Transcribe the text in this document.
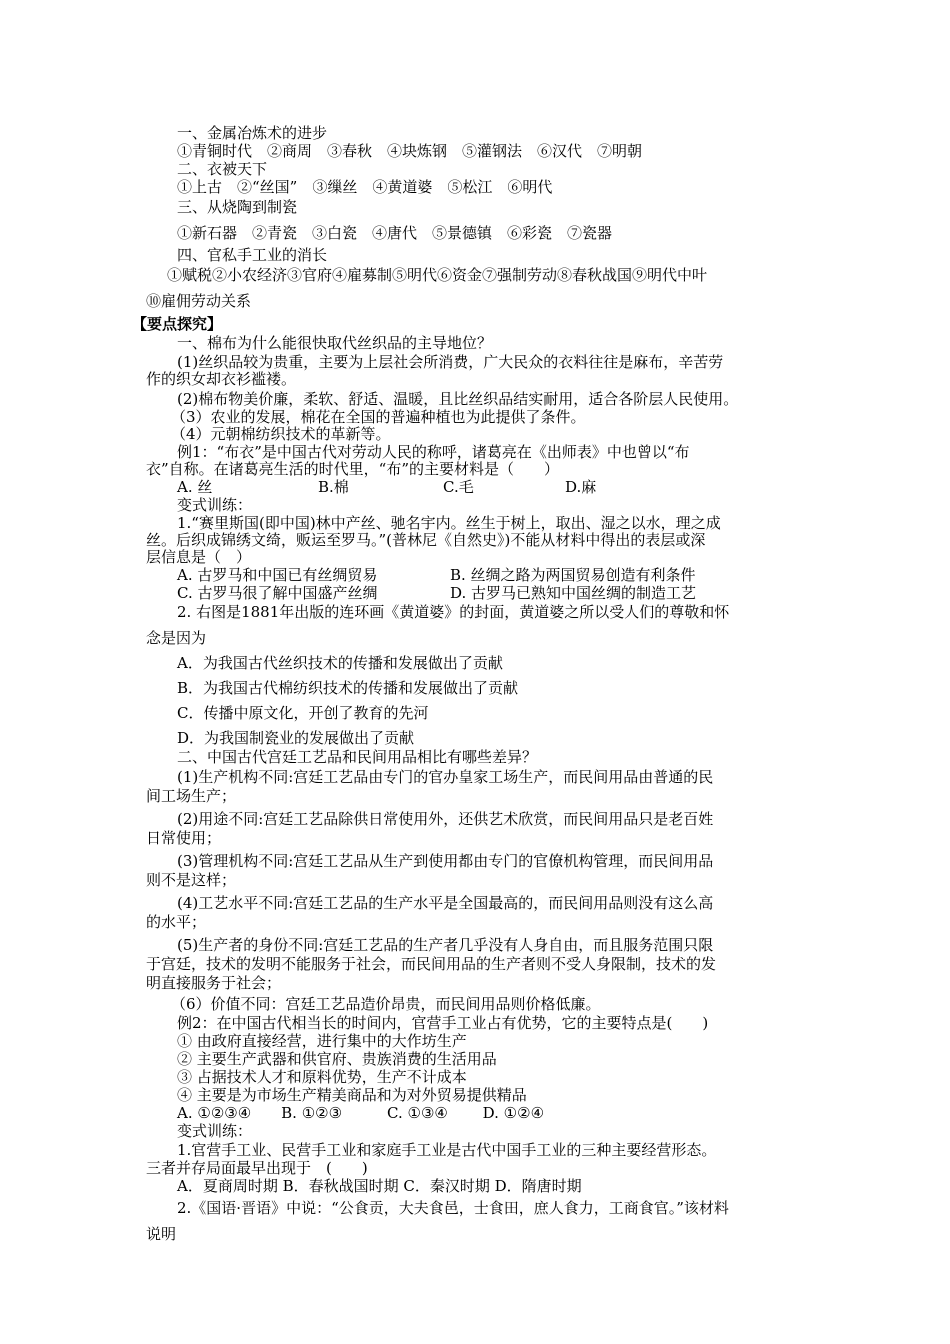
一、金属冶炼术的进步
①青铜时代　②商周　③春秋　④块炼钢　⑤灌钢法　⑥汉代　⑦明朝
二、衣被天下
①上古　②“丝国”　③缫丝　④黄道婆　⑤松江　⑥明代
三、从烧陶到制瓷
①新石器　②青瓷　③白瓷　④唐代　⑤景德镇　⑥彩瓷　⑦瓷器
四、官私手工业的消长
①赋税②小农经济③官府④雇募制⑤明代⑥资金⑦强制劳动⑧春秋战国⑨明代中叶
⑩雇佣劳动关系
【要点探究】
一、棉布为什么能很快取代丝织品的主导地位？
(1)丝织品较为贵重，主要为上层社会所消费，广大民众的衣料往往是麻布，辛苦劳
作的织女却衣衫褴褛。
(2)棉布物美价廉，柔软、舒适、温暖，且比丝织品结实耐用，适合各阶层人民使用。
（3）农业的发展，棉花在全国的普遍种植也为此提供了条件。
（4）元朝棉纺织技术的革新等。
例1：“布衣”是中国古代对劳动人民的称呼，诸葛亮在《出师表》中也曾以“布
衣”自称。在诸葛亮生活的时代里，“布”的主要材料是（　　）
A. 丝	B.棉	C.毛	D.麻
变式训练：
1.“赛里斯国(即中国)林中产丝、驰名宇内。丝生于树上，取出、湿之以水，理之成
丝。后织成锦绣文绮，贩运至罗马。”(普林尼《自然史》)不能从材料中得出的表层或深
层信息是（　）
A. 古罗马和中国已有丝绸贸易	B. 丝绸之路为两国贸易创造有利条件
C. 古罗马很了解中国盛产丝绸	D. 古罗马已熟知中国丝绸的制造工艺
2. 右图是1881年出版的连环画《黄道婆》的封面，黄道婆之所以受人们的尊敬和怀
念是因为
A．为我国古代丝织技术的传播和发展做出了贡献
B．为我国古代棉纺织技术的传播和发展做出了贡献
C．传播中原文化，开创了教育的先河
D．为我国制瓷业的发展做出了贡献
二、中国古代宫廷工艺品和民间用品相比有哪些差异？
(1)生产机构不同:宫廷工艺品由专门的官办皇家工场生产，而民间用品由普通的民
间工场生产；
(2)用途不同:宫廷工艺品除供日常使用外，还供艺术欣赏，而民间用品只是老百姓
日常使用；
(3)管理机构不同:宫廷工艺品从生产到使用都由专门的官僚机构管理，而民间用品
则不是这样；
(4)工艺水平不同:宫廷工艺品的生产水平是全国最高的，而民间用品则没有这么高
的水平；
(5)生产者的身份不同:宫廷工艺品的生产者几乎没有人身自由，而且服务范围只限
于宫廷，技术的发明不能服务于社会，而民间用品的生产者则不受人身限制，技术的发
明直接服务于社会；
（6）价值不同：宫廷工艺品造价昂贵，而民间用品则价格低廉。
例2：在中国古代相当长的时间内，官营手工业占有优势，它的主要特点是(　　)
① 由政府直接经营，进行集中的大作坊生产
② 主要生产武器和供官府、贵族消费的生活用品
③ 占据技术人才和原料优势，生产不计成本
④ 主要是为市场生产精美商品和为对外贸易提供精品
A. ①②③④　　B. ①②③　　　C. ①③④　　 D. ①②④
变式训练：
1.官营手工业、民营手工业和家庭手工业是古代中国手工业的三种主要经营形态。
三者并存局面最早出现于　(　　)
A．夏商周时期 B．春秋战国时期 C．秦汉时期 D．隋唐时期
2.《国语·晋语》中说：“公食贡，大夫食邑，士食田，庶人食力，工商食官。”该材料
说明
